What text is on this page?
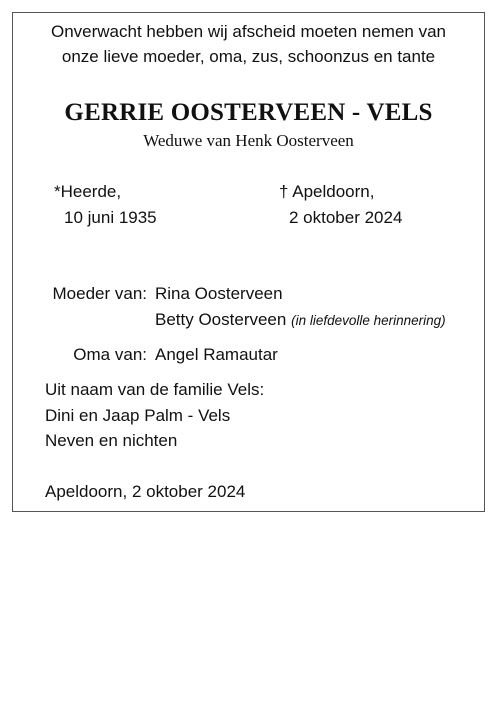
Onverwacht hebben wij afscheid moeten nemen van
onze lieve moeder, oma, zus, schoonzus en tante
GERRIE OOSTERVEEN - VELS
Weduwe van Henk Oosterveen
*Heerde,
10 juni 1935
† Apeldoorn,
2 oktober 2024
Moeder van: Rina Oosterveen
Betty Oosterveen (in liefdevolle herinnering)
Oma van: Angel Ramautar
Uit naam van de familie Vels:
Dini en Jaap Palm - Vels
Neven en nichten
Apeldoorn, 2 oktober 2024
